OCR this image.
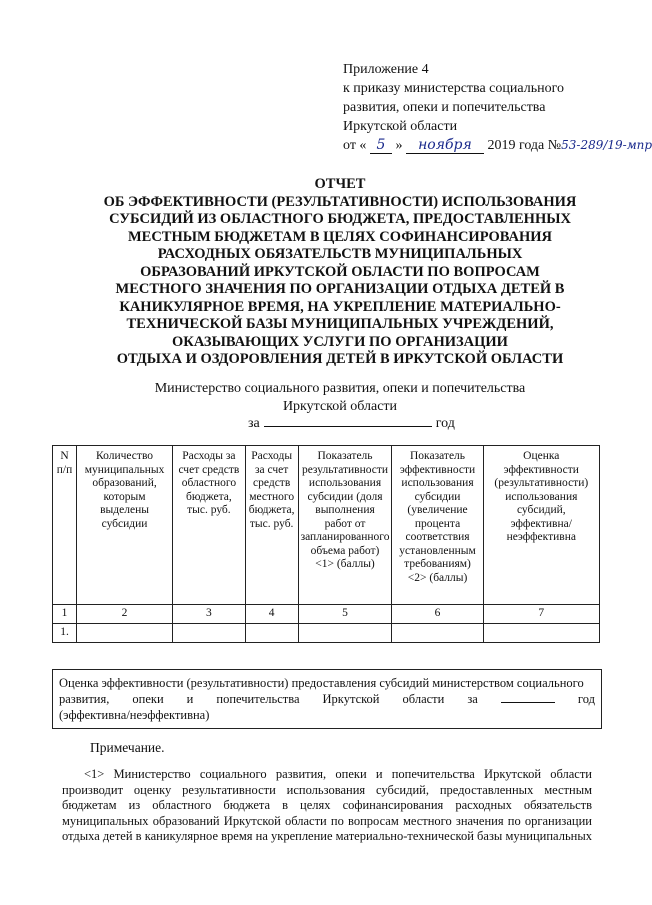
Приложение 4
к приказу министерства социального
развития, опеки и попечительства
Иркутской области
от « 5 » ноября 2019 года №53-289/19-мпр
ОТЧЕТ
ОБ ЭФФЕКТИВНОСТИ (РЕЗУЛЬТАТИВНОСТИ) ИСПОЛЬЗОВАНИЯ
СУБСИДИЙ ИЗ ОБЛАСТНОГО БЮДЖЕТА, ПРЕДОСТАВЛЕННЫХ
МЕСТНЫМ БЮДЖЕТАМ В ЦЕЛЯХ СОФИНАНСИРОВАНИЯ
РАСХОДНЫХ ОБЯЗАТЕЛЬСТВ МУНИЦИПАЛЬНЫХ
ОБРАЗОВАНИЙ ИРКУТСКОЙ ОБЛАСТИ ПО ВОПРОСАМ
МЕСТНОГО ЗНАЧЕНИЯ ПО ОРГАНИЗАЦИИ ОТДЫХА ДЕТЕЙ В
КАНИКУЛЯРНОЕ ВРЕМЯ, НА УКРЕПЛЕНИЕ МАТЕРИАЛЬНО-
ТЕХНИЧЕСКОЙ БАЗЫ МУНИЦИПАЛЬНЫХ УЧРЕЖДЕНИЙ,
ОКАЗЫВАЮЩИХ УСЛУГИ ПО ОРГАНИЗАЦИИ
ОТДЫХА И ОЗДОРОВЛЕНИЯ ДЕТЕЙ В ИРКУТСКОЙ ОБЛАСТИ
Министерство социального развития, опеки и попечительства
Иркутской области
за	год
N п/п	Количество муниципальных образований, которым выделены субсидии	Расходы за счет средств областного бюджета, тыс. руб.	Расходы за счет средств местного бюджета, тыс. руб.	Показатель результативности использования субсидии (доля выполнения работ от запланированного объема работ) <1> (баллы)	Показатель эффективности использования субсидии (увеличение процента соответствия установленным требованиям) <2> (баллы)	Оценка эффективности (результативности) использования субсидий, эффективна/неэффективна
1	2	3	4	5	6	7
1.						
Оценка эффективности (результативности) предоставления субсидий министерством социального
развития, опеки и попечительства Иркутской области за	год
(эффективна/неэффективна)
Примечание.
<1> Министерство социального развития, опеки и попечительства Иркутской области
производит оценку результативности использования субсидий, предоставленных местным
бюджетам из областного бюджета в целях софинансирования расходных обязательств
муниципальных образований Иркутской области по вопросам местного значения по организации
отдыха детей в каникулярное время на укрепление материально-технической базы муниципальных
